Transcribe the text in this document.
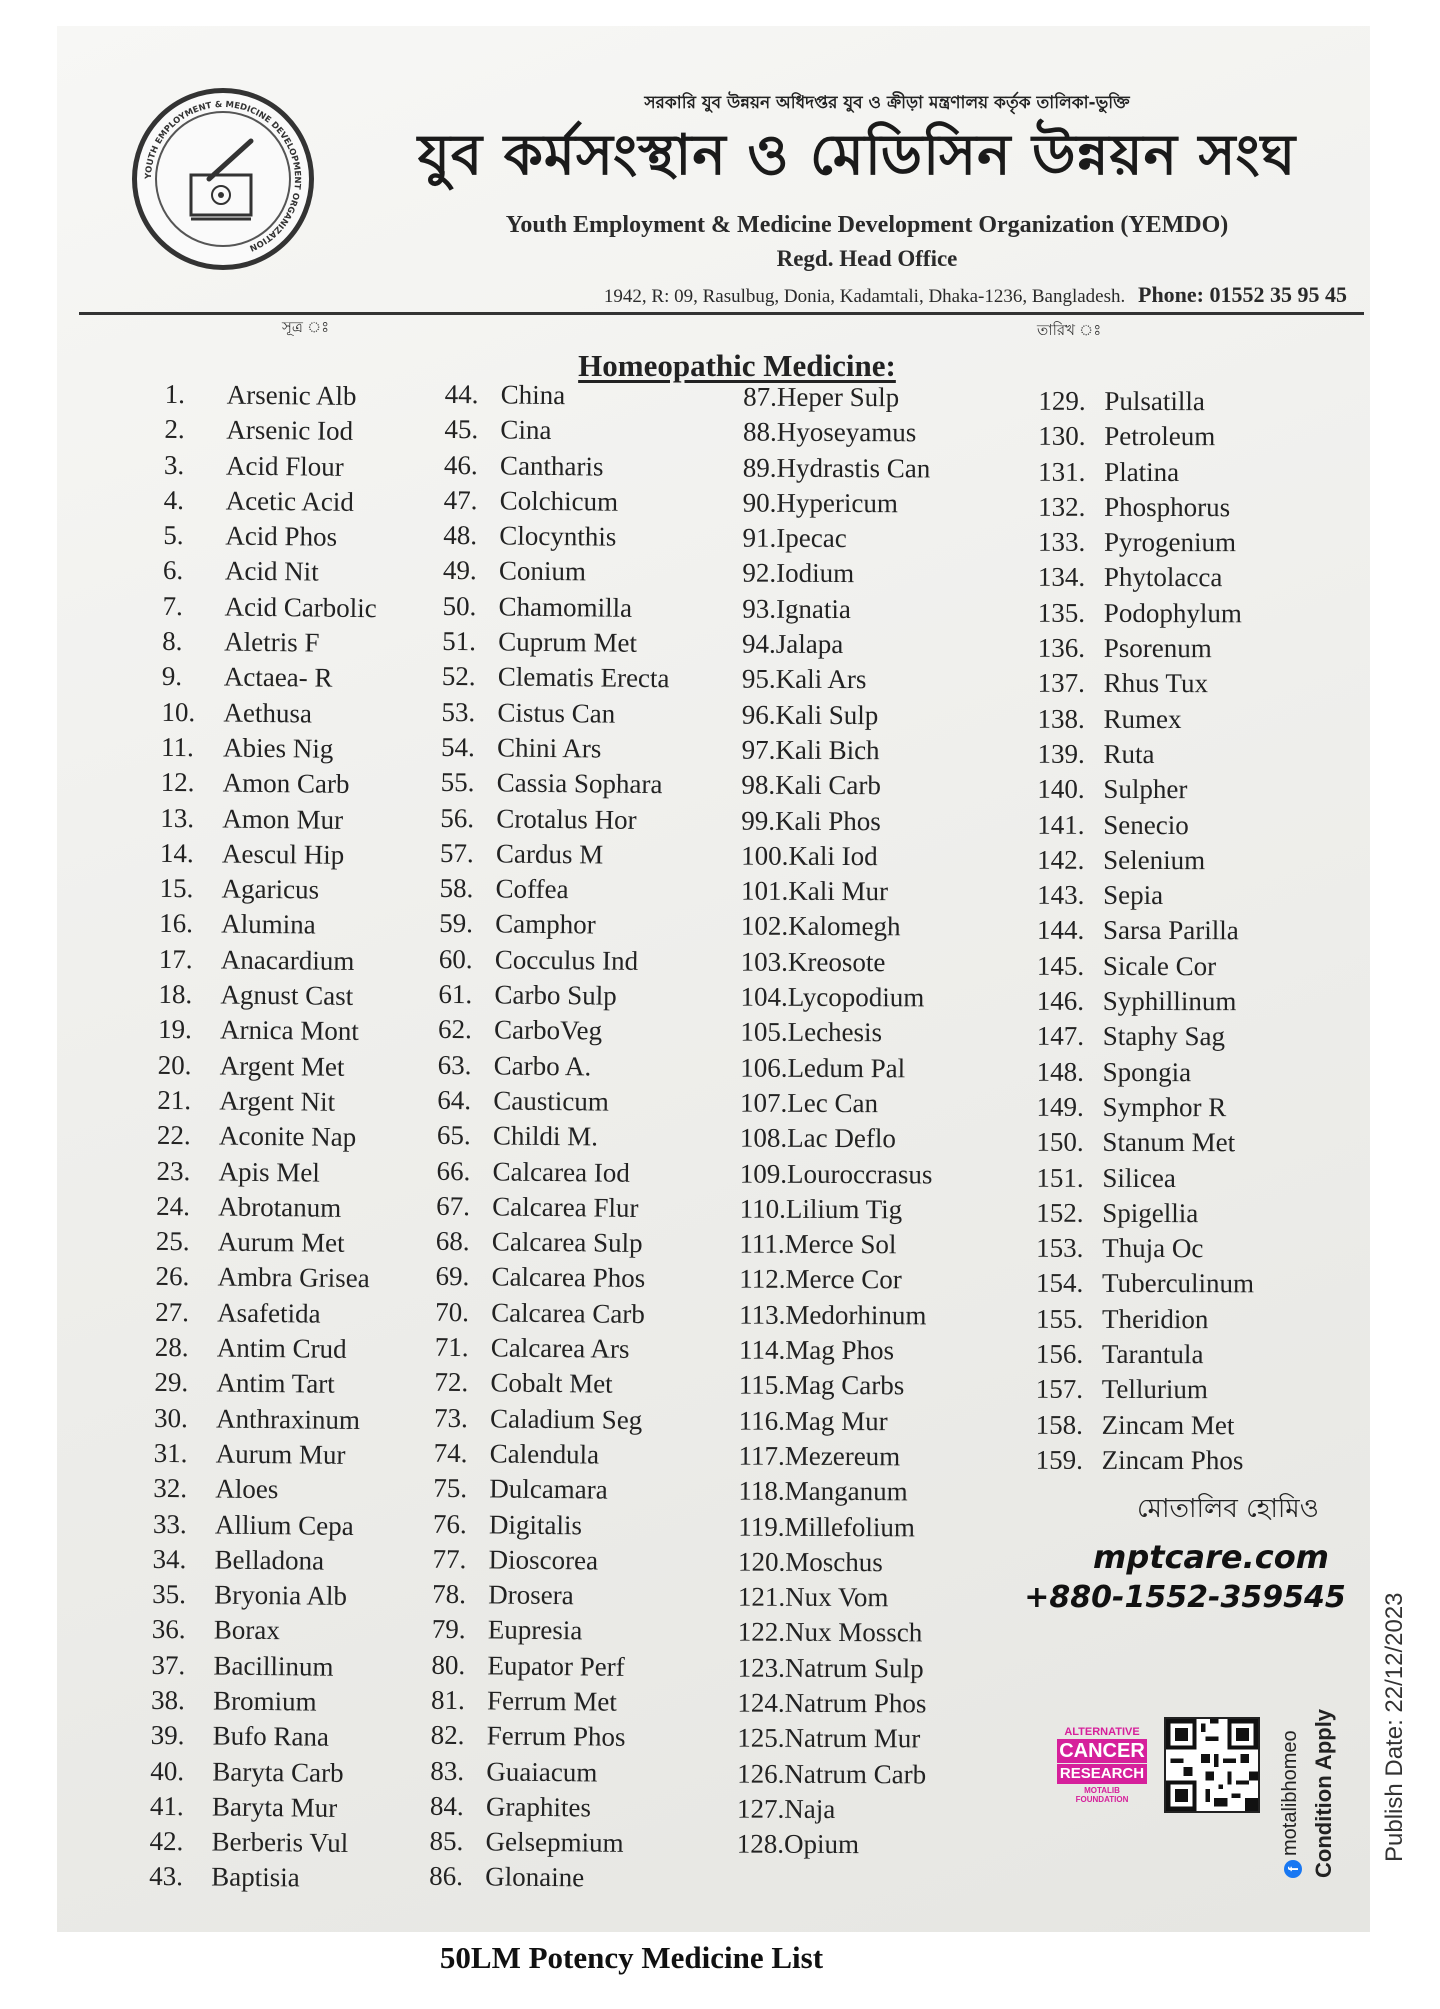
YOUTH EMPLOYMENT & MEDICINE DEVELOPMENT ORGANIZATION
সরকারি যুব উন্নয়ন অধিদপ্তর যুব ও ক্রীড়া মন্ত্রণালয় কর্তৃক তালিকা-ভুক্তি
যুব কর্মসংস্থান ও মেডিসিন উন্নয়ন সংঘ
Youth Employment & Medicine Development Organization (YEMDO)
Regd. Head Office
1942, R: 09, Rasulbug, Donia, Kadamtali, Dhaka-1236, Bangladesh. Phone: 01552 35 95 45
সূত্র ঃ	তারিখ ঃ
Homeopathic Medicine:
1. Arsenic Alb
2. Arsenic Iod
3. Acid Flour
4. Acetic Acid
5. Acid Phos
6. Acid Nit
7. Acid Carbolic
8. Aletris F
9. Actaea- R
10. Aethusa
11. Abies Nig
12. Amon Carb
13. Amon Mur
14. Aescul Hip
15. Agaricus
16. Alumina
17. Anacardium
18. Agnust Cast
19. Arnica Mont
20. Argent Met
21. Argent Nit
22. Aconite Nap
23. Apis Mel
24. Abrotanum
25. Aurum Met
26. Ambra Grisea
27. Asafetida
28. Antim Crud
29. Antim Tart
30. Anthraxinum
31. Aurum Mur
32. Aloes
33. Allium Cepa
34. Belladona
35. Bryonia Alb
36. Borax
37. Bacillinum
38. Bromium
39. Bufo Rana
40. Baryta Carb
41. Baryta Mur
42. Berberis Vul
43. Baptisia
44. China
45. Cina
46. Cantharis
47. Colchicum
48. Clocynthis
49. Conium
50. Chamomilla
51. Cuprum Met
52. Clematis Erecta
53. Cistus Can
54. Chini Ars
55. Cassia Sophara
56. Crotalus Hor
57. Cardus M
58. Coffea
59. Camphor
60. Cocculus Ind
61. Carbo Sulp
62. CarboVeg
63. Carbo A.
64. Causticum
65. Childi M.
66. Calcarea Iod
67. Calcarea Flur
68. Calcarea Sulp
69. Calcarea Phos
70. Calcarea Carb
71. Calcarea Ars
72. Cobalt Met
73. Caladium Seg
74. Calendula
75. Dulcamara
76. Digitalis
77. Dioscorea
78. Drosera
79. Eupresia
80. Eupator Perf
81. Ferrum Met
82. Ferrum Phos
83. Guaiacum
84. Graphites
85. Gelsepmium
86. Glonaine
87.Heper Sulp
88.Hyoseyamus
89.Hydrastis Can
90.Hypericum
91.Ipecac
92.Iodium
93.Ignatia
94.Jalapa
95.Kali Ars
96.Kali Sulp
97.Kali Bich
98.Kali Carb
99.Kali Phos
100.Kali Iod
101.Kali Mur
102.Kalomegh
103.Kreosote
104.Lycopodium
105.Lechesis
106.Ledum Pal
107.Lec Can
108.Lac Deflo
109.Louroccrasus
110.Lilium Tig
111.Merce Sol
112.Merce Cor
113.Medorhinum
114.Mag Phos
115.Mag Carbs
116.Mag Mur
117.Mezereum
118.Manganum
119.Millefolium
120.Moschus
121.Nux Vom
122.Nux Mossch
123.Natrum Sulp
124.Natrum Phos
125.Natrum Mur
126.Natrum Carb
127.Naja
128.Opium
129. Pulsatilla
130. Petroleum
131. Platina
132. Phosphorus
133. Pyrogenium
134. Phytolacca
135. Podophylum
136. Psorenum
137. Rhus Tux
138. Rumex
139. Ruta
140. Sulpher
141. Senecio
142. Selenium
143. Sepia
144. Sarsa Parilla
145. Sicale Cor
146. Syphillinum
147. Staphy Sag
148. Spongia
149. Symphor R
150. Stanum Met
151. Silicea
152. Spigellia
153. Thuja Oc
154. Tuberculinum
155. Theridion
156. Tarantula
157. Tellurium
158. Zincam Met
159. Zincam Phos
মোতালিব হোমিও
mptcare.com
+880-1552-359545
ALTERNATIVE
CANCER
RESEARCH
MOTALIB FOUNDATION
fmotalibhomeo Condition Apply Publish Date: 22/12/2023
50LM Potency Medicine List
